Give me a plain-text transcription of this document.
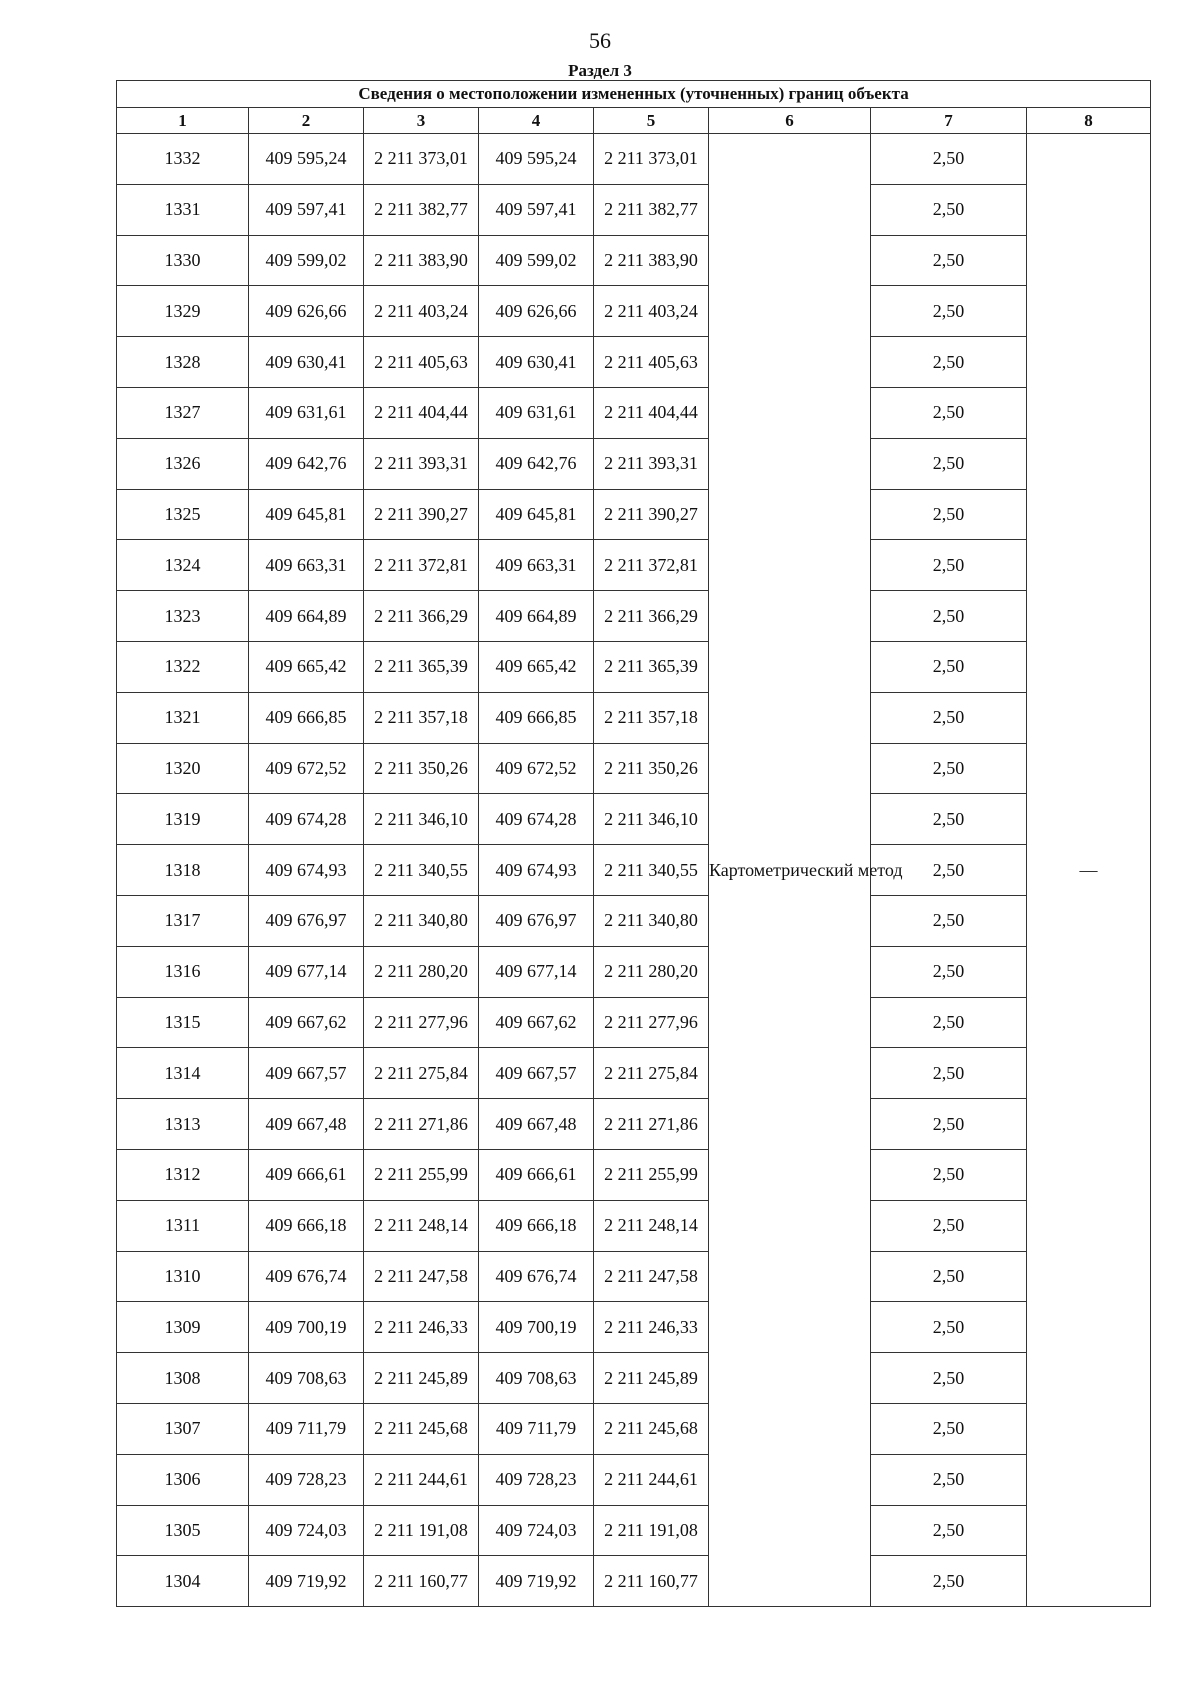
56
Раздел 3
Сведения о местоположении измененных (уточненных) границ объекта							
1	2	3	4	5	6	7	8
1332	409 595,24	2 211 373,01	409 595,24	2 211 373,01	Картометрический метод	2,50	—
1331	409 597,41	2 211 382,77	409 597,41	2 211 382,77		2,50	
1330	409 599,02	2 211 383,90	409 599,02	2 211 383,90		2,50	
1329	409 626,66	2 211 403,24	409 626,66	2 211 403,24		2,50	
1328	409 630,41	2 211 405,63	409 630,41	2 211 405,63		2,50	
1327	409 631,61	2 211 404,44	409 631,61	2 211 404,44		2,50	
1326	409 642,76	2 211 393,31	409 642,76	2 211 393,31		2,50	
1325	409 645,81	2 211 390,27	409 645,81	2 211 390,27		2,50	
1324	409 663,31	2 211 372,81	409 663,31	2 211 372,81		2,50	
1323	409 664,89	2 211 366,29	409 664,89	2 211 366,29		2,50	
1322	409 665,42	2 211 365,39	409 665,42	2 211 365,39		2,50	
1321	409 666,85	2 211 357,18	409 666,85	2 211 357,18		2,50	
1320	409 672,52	2 211 350,26	409 672,52	2 211 350,26		2,50	
1319	409 674,28	2 211 346,10	409 674,28	2 211 346,10		2,50	
1318	409 674,93	2 211 340,55	409 674,93	2 211 340,55		2,50	
1317	409 676,97	2 211 340,80	409 676,97	2 211 340,80		2,50	
1316	409 677,14	2 211 280,20	409 677,14	2 211 280,20		2,50	
1315	409 667,62	2 211 277,96	409 667,62	2 211 277,96		2,50	
1314	409 667,57	2 211 275,84	409 667,57	2 211 275,84		2,50	
1313	409 667,48	2 211 271,86	409 667,48	2 211 271,86		2,50	
1312	409 666,61	2 211 255,99	409 666,61	2 211 255,99		2,50	
1311	409 666,18	2 211 248,14	409 666,18	2 211 248,14		2,50	
1310	409 676,74	2 211 247,58	409 676,74	2 211 247,58		2,50	
1309	409 700,19	2 211 246,33	409 700,19	2 211 246,33		2,50	
1308	409 708,63	2 211 245,89	409 708,63	2 211 245,89		2,50	
1307	409 711,79	2 211 245,68	409 711,79	2 211 245,68		2,50	
1306	409 728,23	2 211 244,61	409 728,23	2 211 244,61		2,50	
1305	409 724,03	2 211 191,08	409 724,03	2 211 191,08		2,50	
1304	409 719,92	2 211 160,77	409 719,92	2 211 160,77		2,50	
